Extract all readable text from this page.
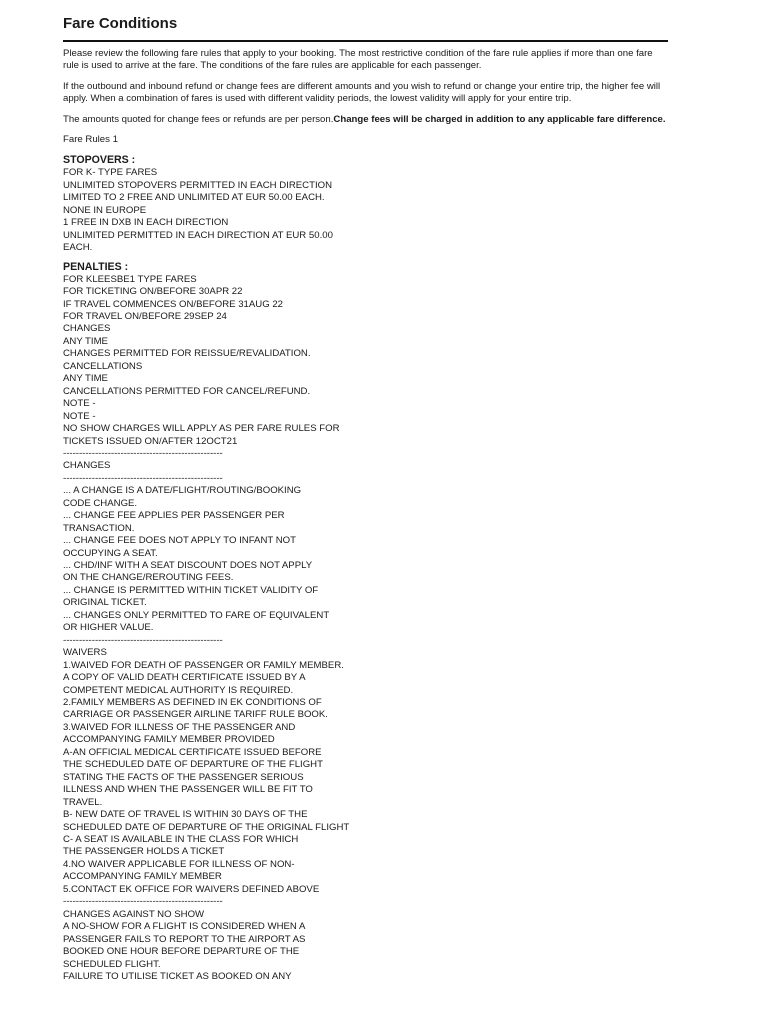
Fare Conditions

Please review the following fare rules that apply to your booking. The most restrictive condition of the fare rule applies if more than one fare rule is used to arrive at the fare. The conditions of the fare rules are applicable for each passenger.

If the outbound and inbound refund or change fees are different amounts and you wish to refund or change your entire trip, the higher fee will apply. When a combination of fares is used with different validity periods, the lowest validity will apply for your entire trip.

The amounts quoted for change fees or refunds are per person.Change fees will be charged in addition to any applicable fare difference.

Fare Rules 1

STOPOVERS :
FOR K- TYPE FARES
UNLIMITED STOPOVERS PERMITTED IN EACH DIRECTION
LIMITED TO 2 FREE AND UNLIMITED AT EUR 50.00 EACH.
NONE IN EUROPE
1 FREE IN DXB IN EACH DIRECTION
UNLIMITED PERMITTED IN EACH DIRECTION AT EUR 50.00
EACH.
PENALTIES :
FOR KLEESBE1 TYPE FARES
FOR TICKETING ON/BEFORE 30APR 22
IF TRAVEL COMMENCES ON/BEFORE 31AUG 22
FOR TRAVEL ON/BEFORE 29SEP 24
CHANGES
ANY TIME
CHANGES PERMITTED FOR REISSUE/REVALIDATION.
CANCELLATIONS
ANY TIME
CANCELLATIONS PERMITTED FOR CANCEL/REFUND.
NOTE -
NOTE -
NO SHOW CHARGES WILL APPLY AS PER FARE RULES FOR
TICKETS ISSUED ON/AFTER 12OCT21
--------------------------------------------------
CHANGES
--------------------------------------------------
... A CHANGE IS A DATE/FLIGHT/ROUTING/BOOKING
CODE CHANGE.
... CHANGE FEE APPLIES PER PASSENGER PER
TRANSACTION.
... CHANGE FEE DOES NOT APPLY TO INFANT NOT
OCCUPYING A SEAT.
... CHD/INF WITH A SEAT DISCOUNT DOES NOT APPLY
ON THE CHANGE/REROUTING FEES.
... CHANGE IS PERMITTED WITHIN TICKET VALIDITY OF
ORIGINAL TICKET.
... CHANGES ONLY PERMITTED TO FARE OF EQUIVALENT
OR HIGHER VALUE.
--------------------------------------------------
WAIVERS
1.WAIVED FOR DEATH OF PASSENGER OR FAMILY MEMBER.
A COPY OF VALID DEATH CERTIFICATE ISSUED BY A
COMPETENT MEDICAL AUTHORITY IS REQUIRED.
2.FAMILY MEMBERS AS DEFINED IN EK CONDITIONS OF
CARRIAGE OR PASSENGER AIRLINE TARIFF RULE BOOK.
3.WAIVED FOR ILLNESS OF THE PASSENGER AND
ACCOMPANYING FAMILY MEMBER PROVIDED
A-AN OFFICIAL MEDICAL CERTIFICATE ISSUED BEFORE
THE SCHEDULED DATE OF DEPARTURE OF THE FLIGHT
STATING THE FACTS OF THE PASSENGER SERIOUS
ILLNESS AND WHEN THE PASSENGER WILL BE FIT TO
TRAVEL.
B- NEW DATE OF TRAVEL IS WITHIN 30 DAYS OF THE
SCHEDULED DATE OF DEPARTURE OF THE ORIGINAL FLIGHT
C- A SEAT IS AVAILABLE IN THE CLASS FOR WHICH
THE PASSENGER HOLDS A TICKET
4.NO WAIVER APPLICABLE FOR ILLNESS OF NON-
ACCOMPANYING FAMILY MEMBER
5.CONTACT EK OFFICE FOR WAIVERS DEFINED ABOVE
--------------------------------------------------
CHANGES AGAINST NO SHOW
A NO-SHOW FOR A FLIGHT IS CONSIDERED WHEN A
PASSENGER FAILS TO REPORT TO THE AIRPORT AS
BOOKED ONE HOUR BEFORE DEPARTURE OF THE
SCHEDULED FLIGHT.
FAILURE TO UTILISE TICKET AS BOOKED ON ANY
